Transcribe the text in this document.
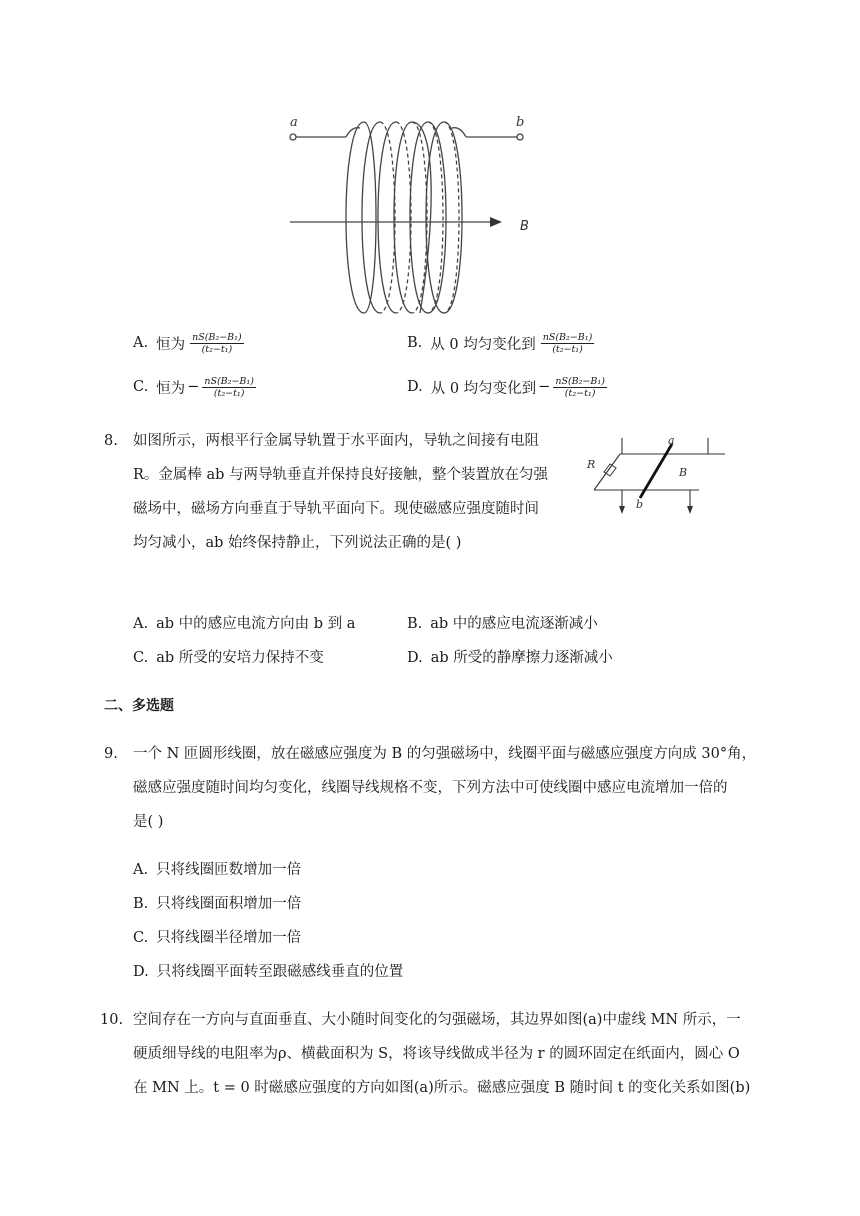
a	b
B
A. 恒为 $\frac{\text{nS(B₂−B₁)}}{\text{(t₂−t₁)}}$	B. 从 0 均匀变化到 $\frac{\text{nS(B₂−B₁)}}{\text{(t₂−t₁)}}$
C. 恒为 − $\frac{\text{nS(B₂−B₁)}}{\text{(t₂−t₁)}}$	D. 从 0 均匀变化到 − $\frac{\text{nS(B₂−B₁)}}{\text{(t₂−t₁)}}$
8. 如图所示，两根平行金属导轨置于水平面内，导轨之间接有电阻
R。金属棒 ab 与两导轨垂直并保持良好接触，整个装置放在匀强
磁场中，磁场方向垂直于导轨平面向下。现使磁感应强度随时间
均匀减小，ab 始终保持静止，下列说法正确的是( )
R
a
b
B
A. ab 中的感应电流方向由 b 到 a	B. ab 中的感应电流逐渐减小
C. ab 所受的安培力保持不变	D. ab 所受的静摩擦力逐渐减小
二、多选题
9. 一个 N 匝圆形线圈，放在磁感应强度为 B 的匀强磁场中，线圈平面与磁感应强度方向成 30°角，
磁感应强度随时间均匀变化，线圈导线规格不变，下列方法中可使线圈中感应电流增加一倍的
是( )
A. 只将线圈匝数增加一倍
B. 只将线圈面积增加一倍
C. 只将线圈半径增加一倍
D. 只将线圈平面转至跟磁感线垂直的位置
10. 空间存在一方向与直面垂直、大小随时间变化的匀强磁场，其边界如图(a)中虚线 MN 所示，一
硬质细导线的电阻率为ρ、横截面积为 S，将该导线做成半径为 r 的圆环固定在纸面内，圆心 O
在 MN 上。t = 0 时磁感应强度的方向如图(a)所示。磁感应强度 B 随时间 t 的变化关系如图(b)
